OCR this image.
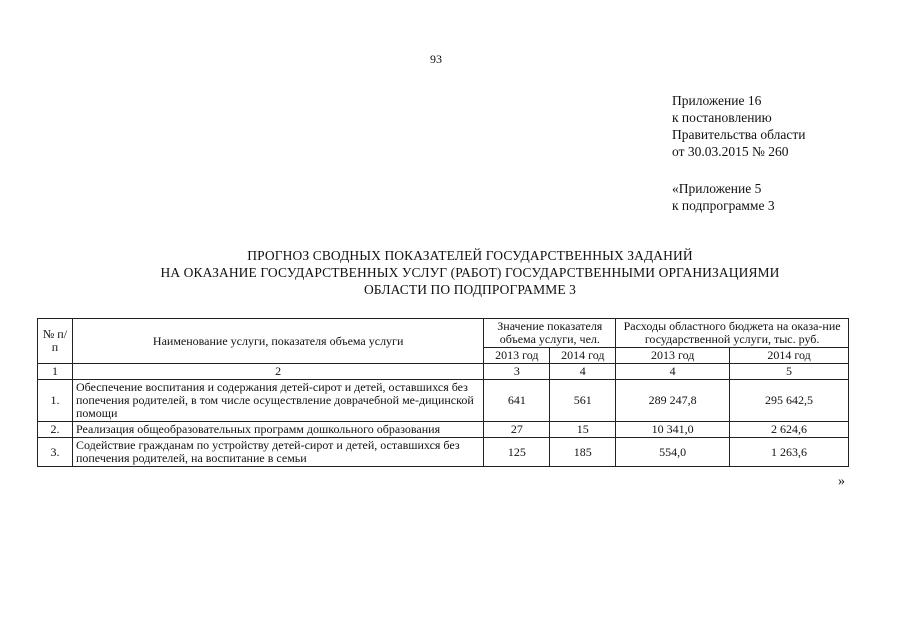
93
Приложение 16
к постановлению
Правительства области
от 30.03.2015 № 260
«Приложение 5
к подпрограмме 3
ПРОГНОЗ СВОДНЫХ ПОКАЗАТЕЛЕЙ ГОСУДАРСТВЕННЫХ ЗАДАНИЙ
НА ОКАЗАНИЕ ГОСУДАРСТВЕННЫХ УСЛУГ (РАБОТ) ГОСУДАРСТВЕННЫМИ ОРГАНИЗАЦИЯМИ
ОБЛАСТИ ПО ПОДПРОГРАММЕ 3
№ п/п	Наименование услуги, показателя объема услуги	Значение показателя объема услуги, чел.		Расходы областного бюджета на оказа-ние государственной услуги, тыс. руб.	
		2013 год	2014 год	2013 год	2014 год
1	2	3	4	4	5
1.	Обеспечение воспитания и содержания детей-сирот и детей, оставшихся без попечения родителей, в том числе осуществление доврачебной ме-дицинской помощи	641	561	289 247,8	295 642,5
2.	Реализация общеобразовательных программ дошкольного образования	27	15	10 341,0	2 624,6
3.	Содействие гражданам по устройству детей-сирот и детей, оставшихся без попечения родителей, на воспитание в семьи	125	185	554,0	1 263,6
»
